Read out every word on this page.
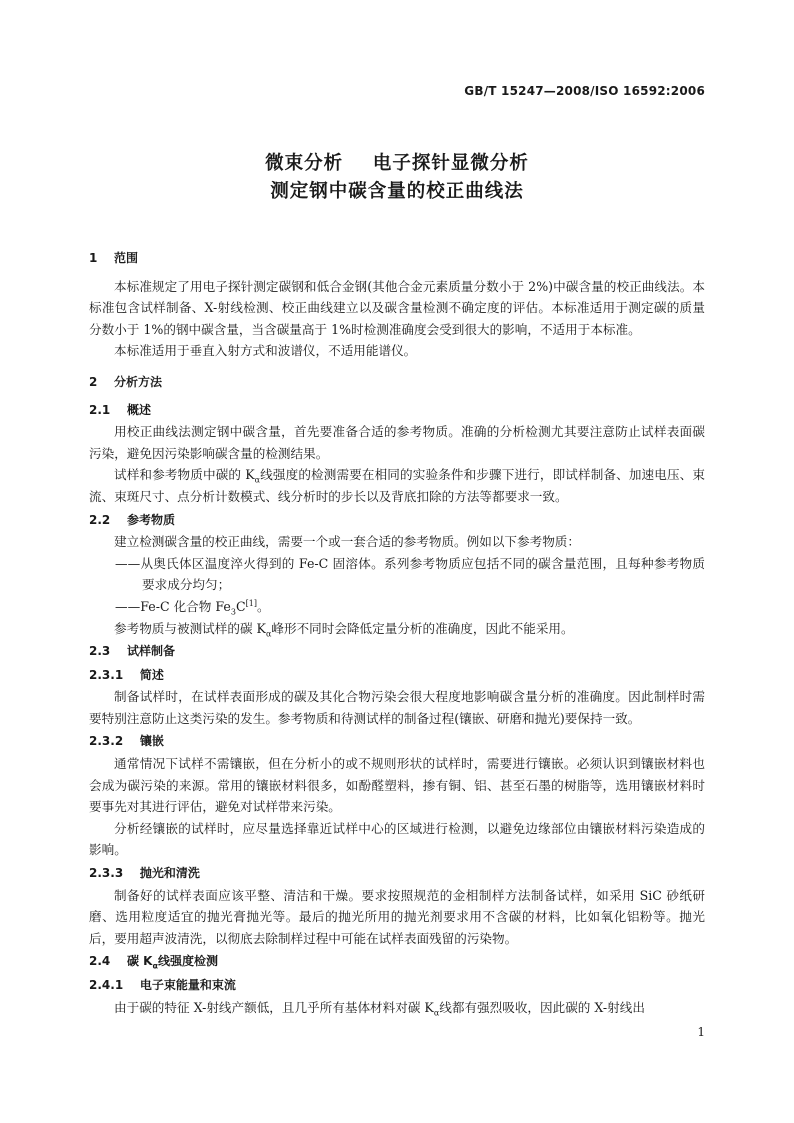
GB/T 15247—2008/ISO 16592:2006
微束分析    电子探针显微分析
测定钢中碳含量的校正曲线法
1    范围

本标准规定了用电子探针测定碳钢和低合金钢(其他合金元素质量分数小于 2%)中碳含量的校正曲线法。本标准包含试样制备、X-射线检测、校正曲线建立以及碳含量检测不确定度的评估。本标准适用于测定碳的质量分数小于 1%的钢中碳含量，当含碳量高于 1%时检测准确度会受到很大的影响，不适用于本标准。

本标准适用于垂直入射方式和波谱仪，不适用能谱仪。

2    分析方法
2.1    概述

用校正曲线法测定钢中碳含量，首先要准备合适的参考物质。准确的分析检测尤其要注意防止试样表面碳污染，避免因污染影响碳含量的检测结果。

试样和参考物质中碳的 $K_\alpha$线强度的检测需要在相同的实验条件和步骤下进行，即试样制备、加速电压、束流、束斑尺寸、点分析计数模式、线分析时的步长以及背底扣除的方法等都要求一致。

2.2    参考物质

建立检测碳含量的校正曲线，需要一个或一套合适的参考物质。例如以下参考物质：

——从奥氏体区温度淬火得到的 Fe-C 固溶体。系列参考物质应包括不同的碳含量范围，且每种参考物质要求成分均匀；

——Fe-C 化合物 $Fe_3C[1]$。

参考物质与被测试样的碳 $K_\alpha$峰形不同时会降低定量分析的准确度，因此不能采用。

2.3    试样制备
2.3.1    简述

制备试样时，在试样表面形成的碳及其化合物污染会很大程度地影响碳含量分析的准确度。因此制样时需要特别注意防止这类污染的发生。参考物质和待测试样的制备过程(镶嵌、研磨和抛光)要保持一致。

2.3.2    镶嵌

通常情况下试样不需镶嵌，但在分析小的或不规则形状的试样时，需要进行镶嵌。必须认识到镶嵌材料也会成为碳污染的来源。常用的镶嵌材料很多，如酚醛塑料，掺有铜、铝、甚至石墨的树脂等，选用镶嵌材料时要事先对其进行评估，避免对试样带来污染。

分析经镶嵌的试样时，应尽量选择靠近试样中心的区域进行检测，以避免边缘部位由镶嵌材料污染造成的影响。

2.3.3    抛光和清洗

制备好的试样表面应该平整、清洁和干燥。要求按照规范的金相制样方法制备试样，如采用 SiC 砂纸研磨、选用粒度适宜的抛光膏抛光等。最后的抛光所用的抛光剂要求用不含碳的材料，比如氧化铝粉等。抛光后，要用超声波清洗，以彻底去除制样过程中可能在试样表面残留的污染物。

2.4    碳 $K_\alpha$线强度检测
2.4.1    电子束能量和束流

由于碳的特征 X-射线产额低，且几乎所有基体材料对碳 $K_\alpha$线都有强烈吸收，因此碳的 X-射线出

1
